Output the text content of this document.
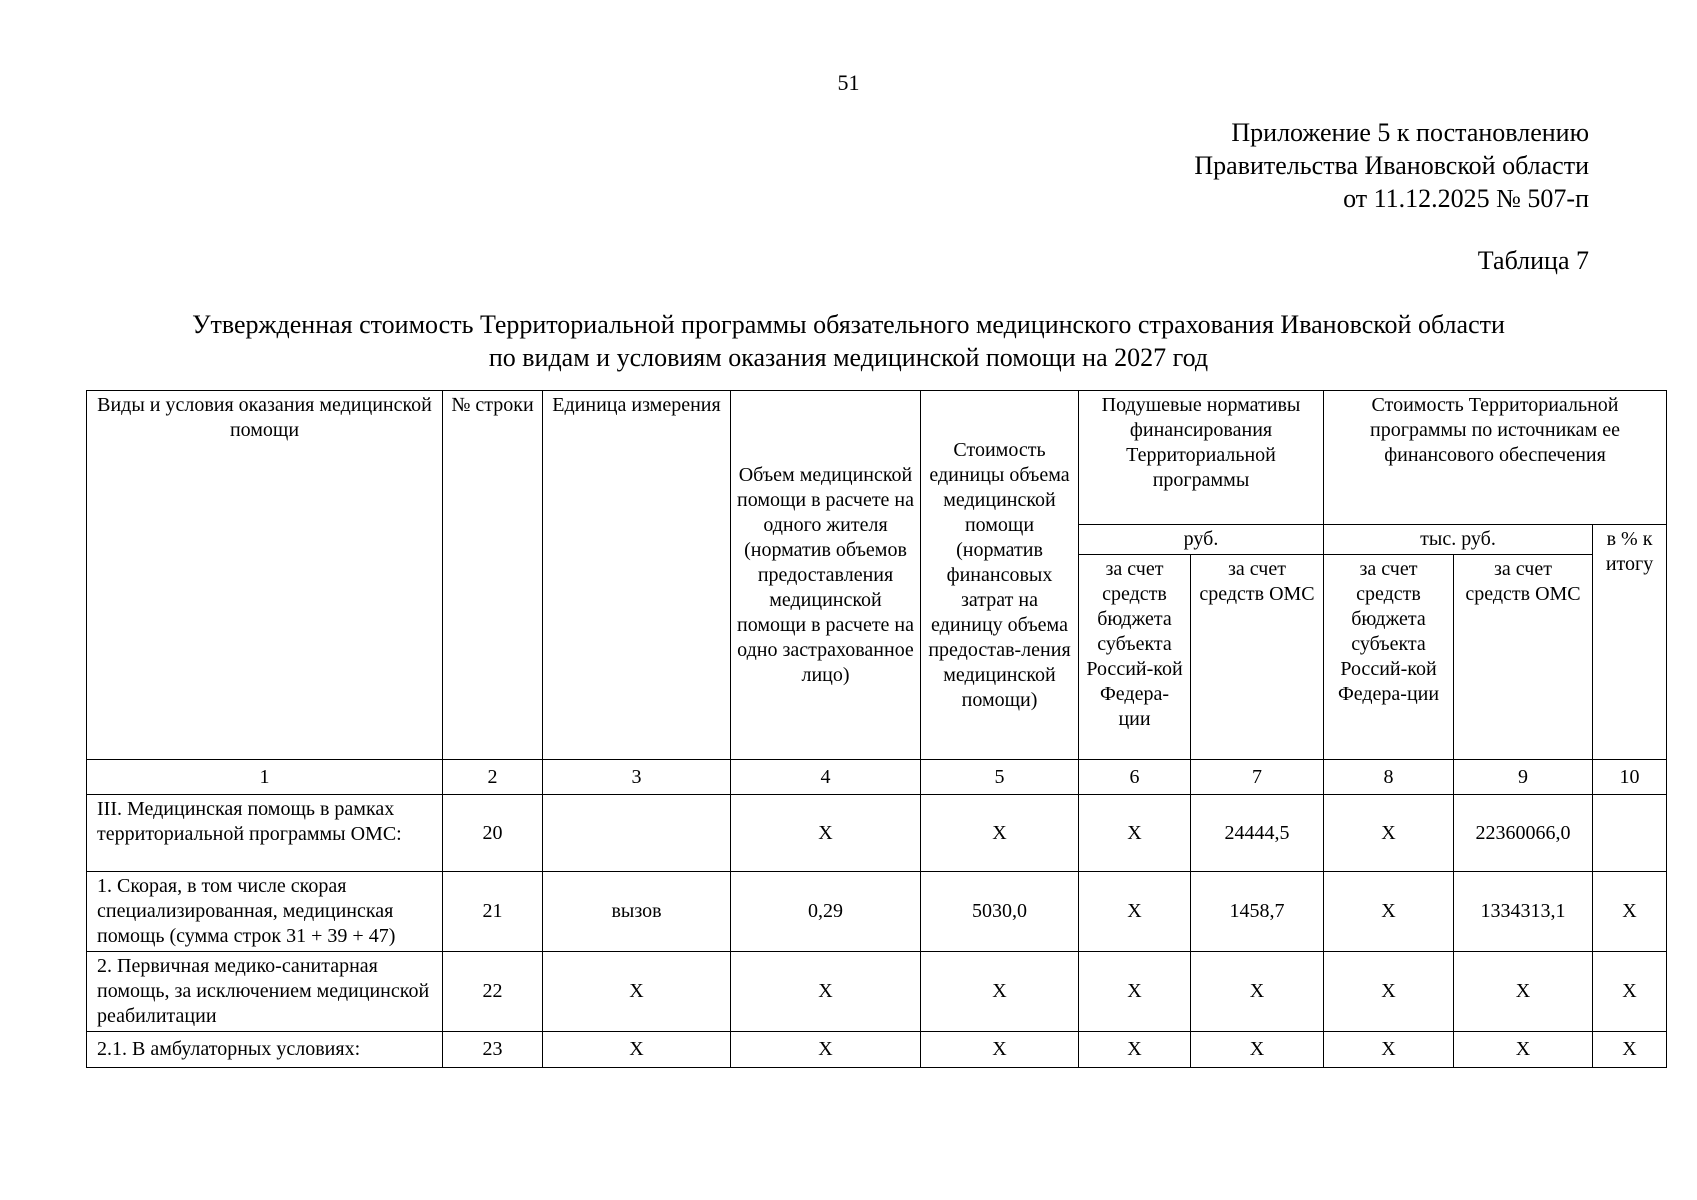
51
Приложение 5 к постановлению
Правительства Ивановской области
от 11.12.2025 № 507-п
Таблица 7
Утвержденная стоимость Территориальной программы обязательного медицинского страхования Ивановской области
по видам и условиям оказания медицинской помощи на 2027 год
Виды и условия оказания медицинской помощи	№ строки	Единица измерения	Объем медицинской помощи в расчете на одного жителя (норматив объемов предоставления медицинской помощи в расчете на одно застрахованное лицо)	Стоимость единицы объема медицинской помощи (норматив финансовых затрат на единицу объема предостав-ления медицинской помощи)	Подушевые нормативы финансирования Территориальной программы		Стоимость Территориальной программы по источникам ее финансового обеспечения		
					руб.		тыс. руб.		в % к итогу
					за счет средств бюджета субъекта Россий-кой Федера-ции	за счет средств ОМС	за счет средств бюджета субъекта Россий-кой Федера-ции	за счет средств ОМС	
1	2	3	4	5	6	7	8	9	10
III. Медицинская помощь в рамках территориальной программы ОМС:	20		X	X	X	24444,5	X	22360066,0	
1. Скорая, в том числе скорая специализированная, медицинская помощь (сумма строк 31 + 39 + 47)	21	вызов	0,29	5030,0	X	1458,7	X	1334313,1	X
2. Первичная медико-санитарная помощь, за исключением медицинской реабилитации	22	X	X	X	X	X	X	X	X
2.1. В амбулаторных условиях:	23	X	X	X	X	X	X	X	X
